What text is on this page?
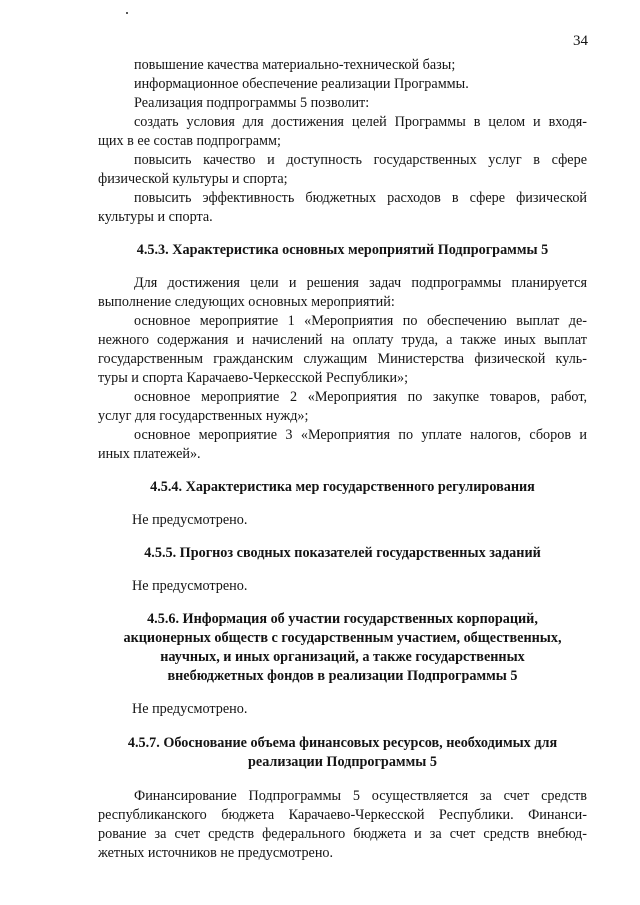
34
повышение качества материально-технической базы;
информационное обеспечение реализации Программы.
Реализация подпрограммы 5 позволит:
создать условия для достижения целей Программы в целом и входя-
щих в ее состав подпрограмм;
повысить качество и доступность государственных услуг в сфере
физической культуры и спорта;
повысить эффективность бюджетных расходов в сфере физической
культуры и спорта.
4.5.3. Характеристика основных мероприятий Подпрограммы 5
Для достижения цели и решения задач подпрограммы планируется
выполнение следующих основных мероприятий:
основное мероприятие 1 «Мероприятия по обеспечению выплат де-
нежного содержания и начислений на оплату труда, а также иных выплат
государственным гражданским служащим Министерства физической куль-
туры и спорта Карачаево-Черкесской Республики»;
основное мероприятие 2 «Мероприятия по закупке товаров, работ,
услуг для государственных нужд»;
основное мероприятие 3 «Мероприятия по уплате налогов, сборов и
иных платежей».
4.5.4. Характеристика мер государственного регулирования
Не предусмотрено.
4.5.5. Прогноз сводных показателей государственных заданий
Не предусмотрено.
4.5.6. Информация об участии государственных корпораций,
акционерных обществ с государственным участием, общественных,
научных, и иных организаций, а также государственных
внебюджетных фондов в реализации Подпрограммы 5
Не предусмотрено.
4.5.7. Обоснование объема финансовых ресурсов, необходимых для
реализации Подпрограммы 5
Финансирование Подпрограммы 5 осуществляется за счет средств
республиканского бюджета Карачаево-Черкесской Республики. Финанси-
рование за счет средств федерального бюджета и за счет средств внебюд-
жетных источников не предусмотрено.
